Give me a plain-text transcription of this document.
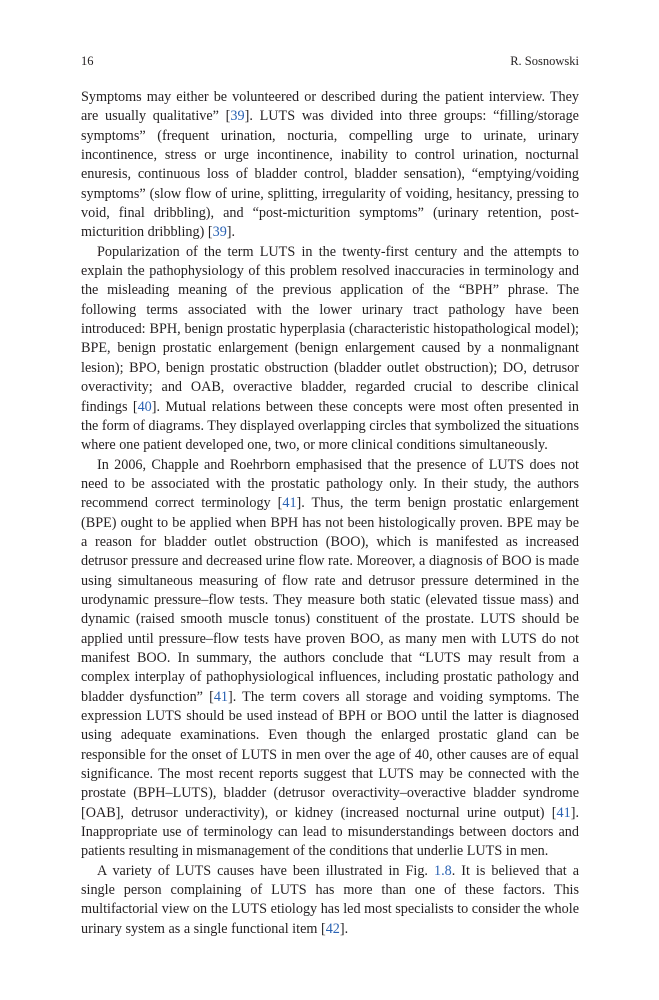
16	R. Sosnowski

Symptoms may either be volunteered or described during the patient interview. They are usually qualitative” [39]. LUTS was divided into three groups: “filling/storage symptoms” (frequent urination, nocturia, compelling urge to urinate, urinary incontinence, stress or urge incontinence, inability to control urination, nocturnal enuresis, continuous loss of bladder control, bladder sensation), “emptying/voiding symptoms” (slow flow of urine, splitting, irregularity of voiding, hesitancy, pressing to void, final dribbling), and “post-micturition symptoms” (urinary retention, post-micturition dribbling) [39].

Popularization of the term LUTS in the twenty-first century and the attempts to explain the pathophysiology of this problem resolved inaccuracies in terminology and the misleading meaning of the previous application of the “BPH” phrase. The following terms associated with the lower urinary tract pathology have been introduced: BPH, benign prostatic hyperplasia (characteristic histopathological model); BPE, benign prostatic enlargement (benign enlargement caused by a nonmalignant lesion); BPO, benign prostatic obstruction (bladder outlet obstruction); DO, detrusor overactivity; and OAB, overactive bladder, regarded crucial to describe clinical findings [40]. Mutual relations between these concepts were most often presented in the form of diagrams. They displayed overlapping circles that symbolized the situations where one patient developed one, two, or more clinical conditions simultaneously.

In 2006, Chapple and Roehrborn emphasised that the presence of LUTS does not need to be associated with the prostatic pathology only. In their study, the authors recommend correct terminology [41]. Thus, the term benign prostatic enlargement (BPE) ought to be applied when BPH has not been histologically proven. BPE may be a reason for bladder outlet obstruction (BOO), which is manifested as increased detrusor pressure and decreased urine flow rate. Moreover, a diagnosis of BOO is made using simultaneous measuring of flow rate and detrusor pressure determined in the urodynamic pressure–flow tests. They measure both static (elevated tissue mass) and dynamic (raised smooth muscle tonus) constituent of the prostate. LUTS should be applied until pressure–flow tests have proven BOO, as many men with LUTS do not manifest BOO. In summary, the authors conclude that “LUTS may result from a complex interplay of pathophysiological influences, including prostatic pathology and bladder dysfunction” [41]. The term covers all storage and voiding symptoms. The expression LUTS should be used instead of BPH or BOO until the latter is diagnosed using adequate examinations. Even though the enlarged prostatic gland can be responsible for the onset of LUTS in men over the age of 40, other causes are of equal significance. The most recent reports suggest that LUTS may be connected with the prostate (BPH–LUTS), bladder (detrusor overactivity–overactive bladder syndrome [OAB], detrusor underactivity), or kidney (increased nocturnal urine output) [41]. Inappropriate use of terminology can lead to misunderstandings between doctors and patients resulting in mismanagement of the conditions that underlie LUTS in men.

A variety of LUTS causes have been illustrated in Fig. 1.8. It is believed that a single person complaining of LUTS has more than one of these factors. This multifactorial view on the LUTS etiology has led most specialists to consider the whole urinary system as a single functional item [42].
